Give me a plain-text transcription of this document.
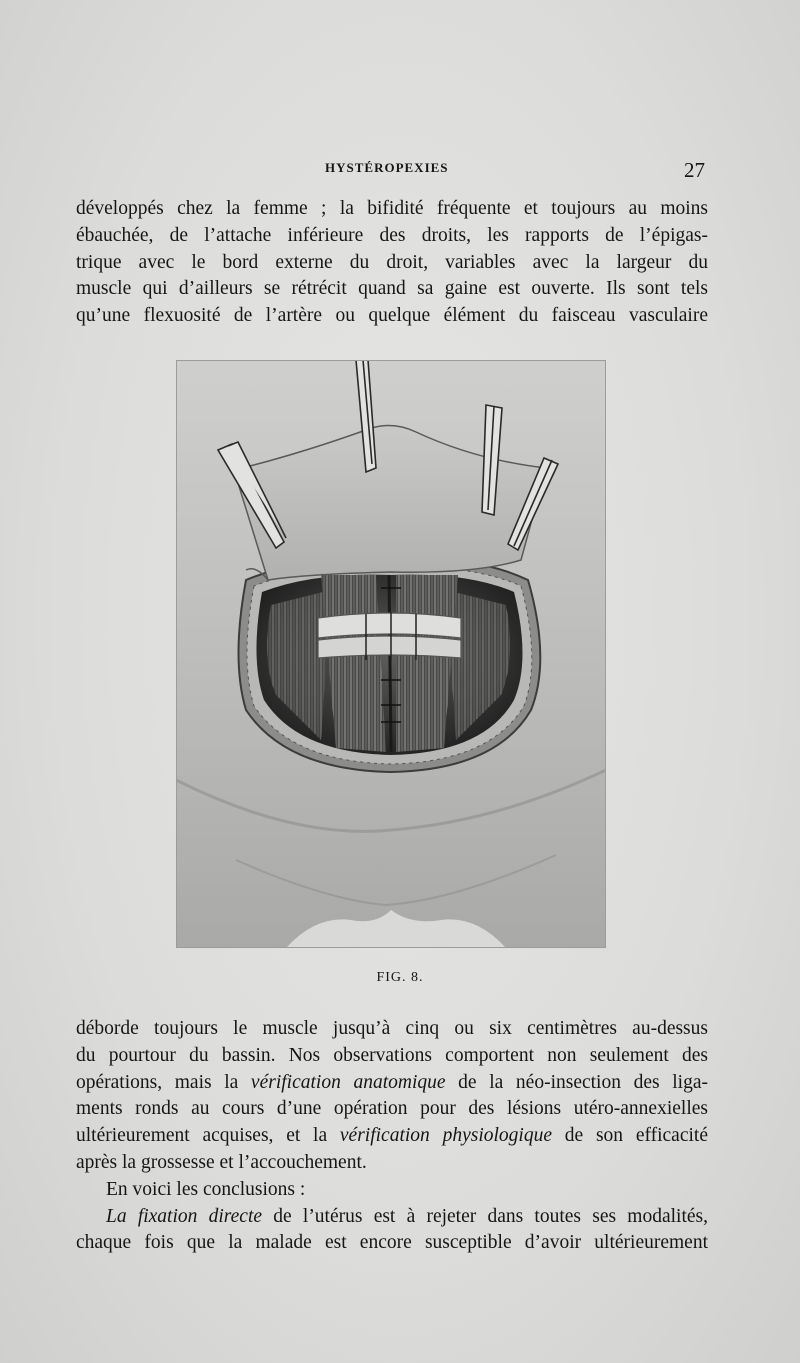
HYSTÉROPEXIES	27
développés chez la femme ; la bifidité fréquente et toujours au moins
ébauchée, de l’attache inférieure des droits, les rapports de l’épigas-
trique avec le bord externe du droit, variables avec la largeur du
muscle qui d’ailleurs se rétrécit quand sa gaine est ouverte. Ils sont tels
qu’une flexuosité de l’artère ou quelque élément du faisceau vasculaire
FIG. 8.
déborde toujours le muscle jusqu’à cinq ou six centimètres au-dessus
du pourtour du bassin. Nos observations comportent non seulement des
opérations, mais la vérification anatomique de la néo-insection des liga-
ments ronds au cours d’une opération pour des lésions utéro-annexielles
ultérieurement acquises, et la vérification physiologique de son efficacité
après la grossesse et l’accouchement.
En voici les conclusions :
La fixation directe de l’utérus est à rejeter dans toutes ses modalités,
chaque fois que la malade est encore susceptible d’avoir ultérieurement
